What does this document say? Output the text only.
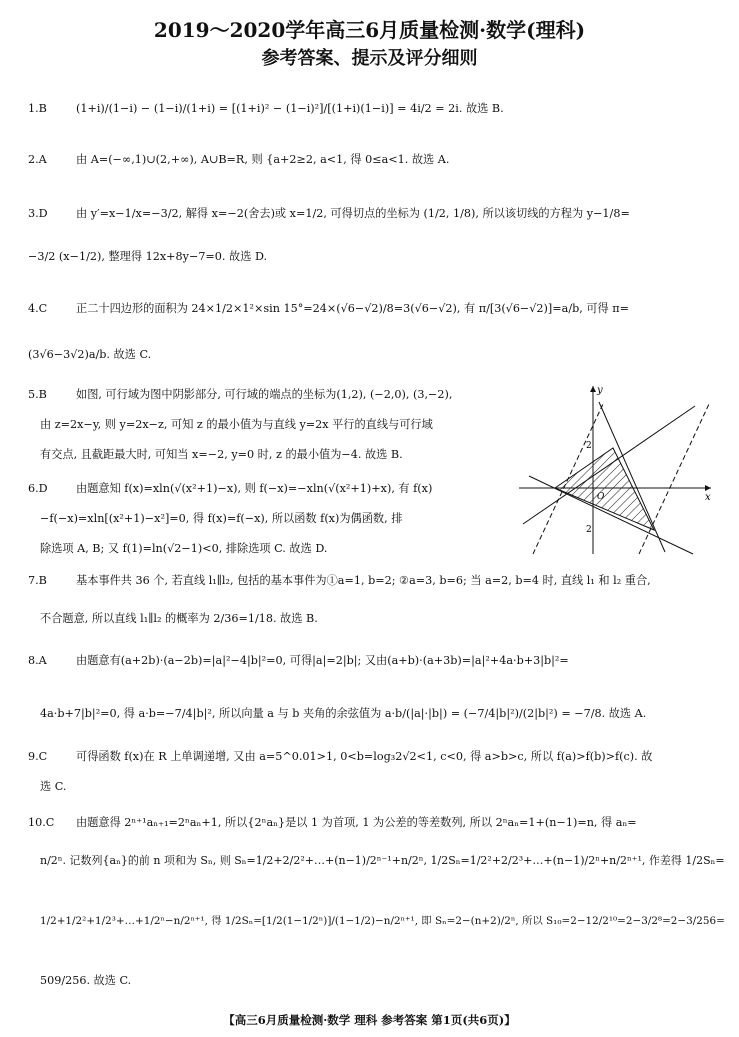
2019～2020学年高三6月质量检测·数学(理科)
参考答案、提示及评分细则
1.B	(1+i)/(1−i) − (1−i)/(1+i) = [(1+i)² − (1−i)²]/[(1+i)(1−i)] = 4i/2 = 2i. 故选 B.
2.A	由 A=(−∞,1)∪(2,+∞), A∪B=R, 则 {a+2≥2, a<1, 得 0≤a<1. 故选 A.
3.D	由 y′=x−1/x=−3/2, 解得 x=−2(舍去)或 x=1/2, 可得切点的坐标为 (1/2, 1/8), 所以该切线的方程为 y−1/8=
−3/2 (x−1/2), 整理得 12x+8y−7=0. 故选 D.
4.C	正二十四边形的面积为 24×1/2×1²×sin 15°=24×(√6−√2)/8=3(√6−√2), 有 π/[3(√6−√2)]=a/b, 可得 π=
(3√6−3√2)a/b. 故选 C.
5.B	如图, 可行域为图中阴影部分, 可行域的端点的坐标为(1,2), (−2,0), (3,−2),
由 z=2x−y, 则 y=2x−z, 可知 z 的最小值为与直线 y=2x 平行的直线与可行域
有交点, 且截距最大时, 可知当 x=−2, y=0 时, z 的最小值为−4. 故选 B.
6.D	由题意知 f(x)=xln(√(x²+1)−x), 则 f(−x)=−xln(√(x²+1)+x), 有 f(x)
−f(−x)=xln[(x²+1)−x²]=0, 得 f(x)=f(−x), 所以函数 f(x)为偶函数, 排
除选项 A, B; 又 f(1)=ln(√2−1)<0, 排除选项 C. 故选 D.
x
y
2
2
7.B	基本事件共 36 个, 若直线 l₁∥l₂, 包括的基本事件为①a=1, b=2; ②a=3, b=6; 当 a=2, b=4 时, 直线 l₁ 和 l₂ 重合,
不合题意, 所以直线 l₁∥l₂ 的概率为 2/36=1/18. 故选 B.
8.A	由题意有(a+2b)·(a−2b)=|a|²−4|b|²=0, 可得|a|=2|b|; 又由(a+b)·(a+3b)=|a|²+4a·b+3|b|²=
4a·b+7|b|²=0, 得 a·b=−7/4|b|², 所以向量 a 与 b 夹角的余弦值为 a·b/(|a|·|b|) = (−7/4|b|²)/(2|b|²) = −7/8. 故选 A.
9.C	可得函数 f(x)在 R 上单调递增, 又由 a=5^0.01>1, 0<b=log₃2√2<1, c<0, 得 a>b>c, 所以 f(a)>f(b)>f(c). 故
选 C.
10.C 由题意得 2ⁿ⁺¹aₙ₊₁=2ⁿaₙ+1, 所以{2ⁿaₙ}是以 1 为首项, 1 为公差的等差数列, 所以 2ⁿaₙ=1+(n−1)=n, 得 aₙ=
n/2ⁿ. 记数列{aₙ}的前 n 项和为 Sₙ, 则 Sₙ=1/2+2/2²+…+(n−1)/2ⁿ⁻¹+n/2ⁿ, 1/2Sₙ=1/2²+2/2³+…+(n−1)/2ⁿ+n/2ⁿ⁺¹, 作差得 1/2Sₙ=
1/2+1/2²+1/2³+…+1/2ⁿ−n/2ⁿ⁺¹, 得 1/2Sₙ=[1/2(1−1/2ⁿ)]/(1−1/2)−n/2ⁿ⁺¹, 即 Sₙ=2−(n+2)/2ⁿ, 所以 S₁₀=2−12/2¹⁰=2−3/2⁸=2−3/256=
509/256. 故选 C.
【高三6月质量检测·数学 理科 参考答案 第1页(共6页)】
